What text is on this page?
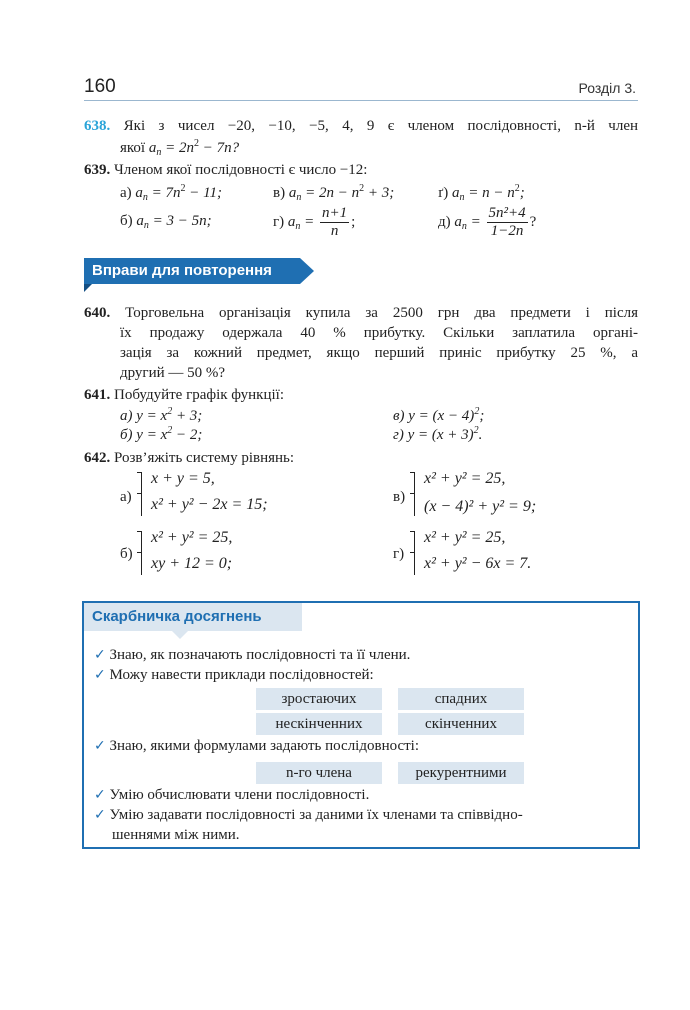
160	Розділ 3.
638. Які з чисел −20, −10, −5, 4, 9 є членом послідовності, n-й член
якої $a_n = 2n^2 - 7n$?
639. Членом якої послідовності є число −12:
а) $a_n = 7n^2 - 11$;	в) $a_n = 2n - n^2 + 3$;	ґ) $a_n = n - n^2$;
б) $a_n = 3 - 5n$;	г) $a_n = \frac{n+1}{n}$ ;	д) $a_n = \frac{\text{5n²+4}}{1-2n}$ ?
Вправи для повторення
640. Торговельна організація купила за 2500 грн два предмети і після
їх продажу одержала 40 % прибутку. Скільки заплатила органі-
зація за кожний предмет, якщо перший приніс прибутку 25 %, а
другий — 50 %?
641. Побудуйте графік функції:
а) $y = x^2 + 3$;
б) $y = x^2 - 2$;
в) $y = (x - 4)^2$;
г) $y = (x + 3)^2$.
642. Розв’яжіть систему рівнянь:
а)
x + y = 5,
x² + y² − 2x = 15;	в)
x² + y² = 25,
(x − 4)² + y² = 9;
б)
x² + y² = 25,
xy + 12 = 0;
г)
x² + y² = 25,
x² + y² − 6x = 7.
Скарбничка досягнень
✓ Знаю, як позначають послідовності та її члени.
✓ Можу навести приклади послідовностей:
зростаючих	спадних
нескінченних	скінченних
✓ Знаю, якими формулами задають послідовності:
n-го члена	рекурентними
✓ Умію обчислювати члени послідовності.
✓ Умію задавати послідовності за даними їх членами та співвідно-
шеннями між ними.
